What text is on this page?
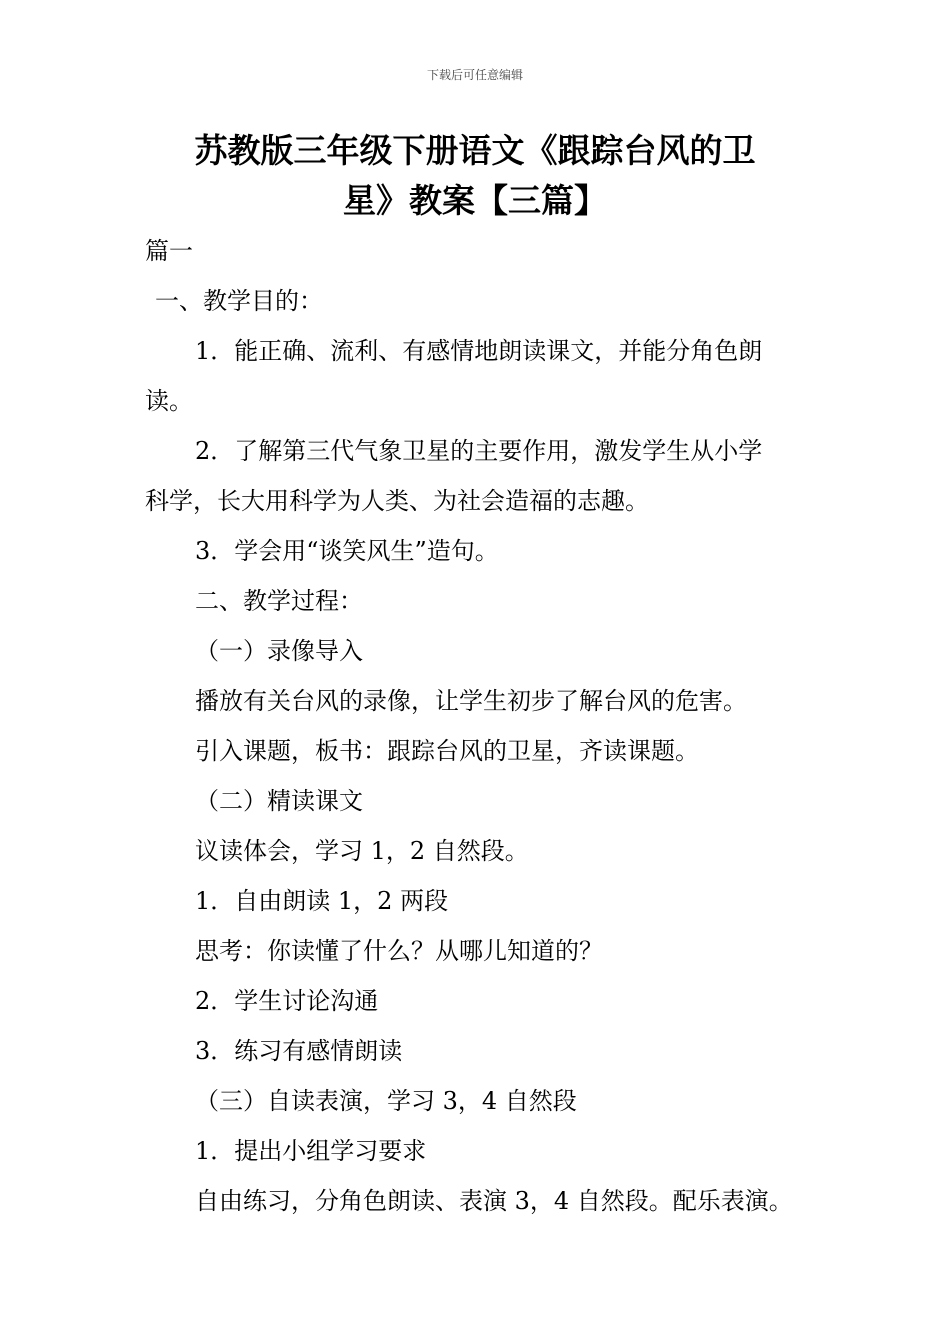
下载后可任意编辑
苏教版三年级下册语文《跟踪台风的卫
星》教案【三篇】
篇一
一、教学目的：
1．能正确、流利、有感情地朗读课文，并能分角色朗
读。
2．了解第三代气象卫星的主要作用，激发学生从小学
科学，长大用科学为人类、为社会造福的志趣。
3．学会用“谈笑风生”造句。
二、教学过程：
（一）录像导入
播放有关台风的录像，让学生初步了解台风的危害。
引入课题，板书：跟踪台风的卫星，齐读课题。
（二）精读课文
议读体会，学习 1，2 自然段。
1．自由朗读 1，2 两段
思考：你读懂了什么？从哪儿知道的？
2．学生讨论沟通
3．练习有感情朗读
（三）自读表演，学习 3，4 自然段
1．提出小组学习要求
自由练习，分角色朗读、表演 3，4 自然段。配乐表演。
